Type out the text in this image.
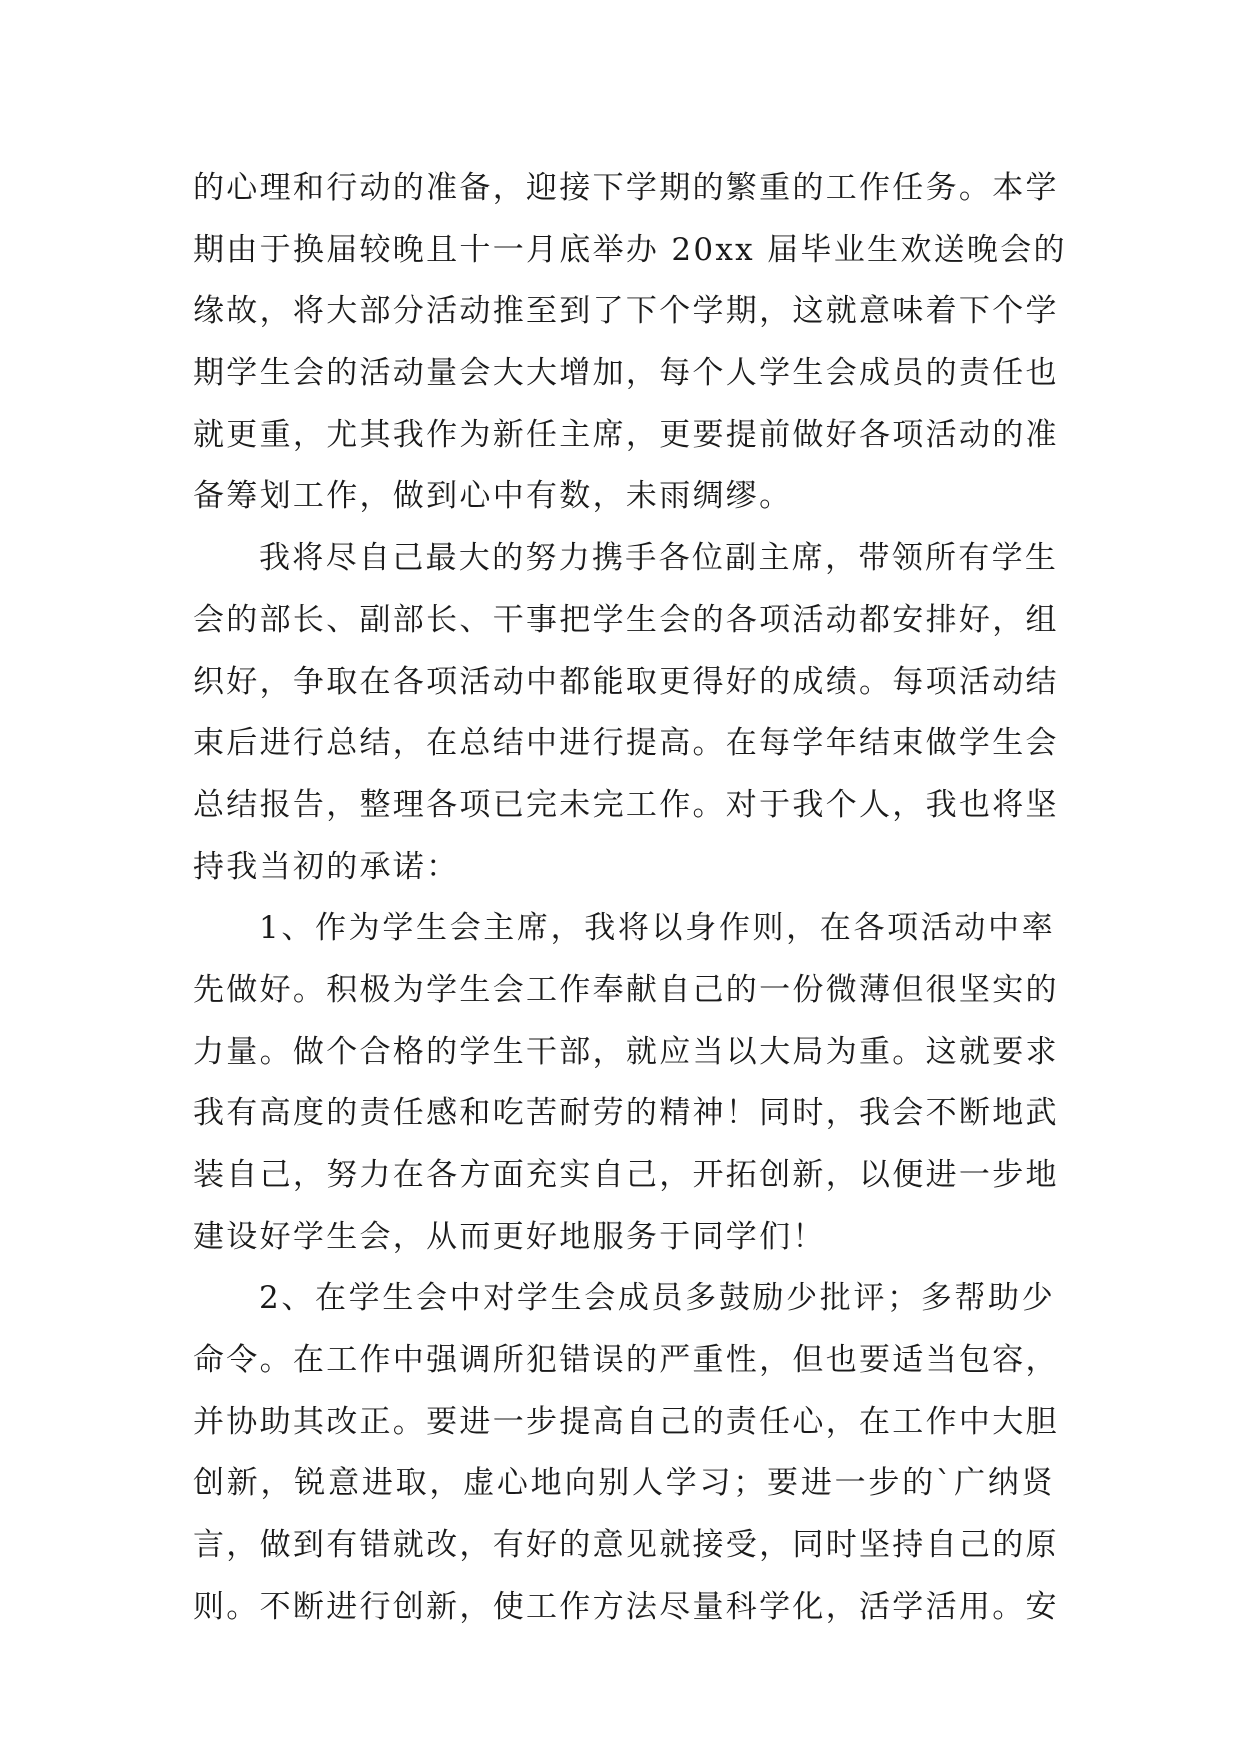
的心理和行动的准备，迎接下学期的繁重的工作任务。本学
期由于换届较晚且十一月底举办 20xx 届毕业生欢送晚会的
缘故，将大部分活动推至到了下个学期，这就意味着下个学
期学生会的活动量会大大增加，每个人学生会成员的责任也
就更重，尤其我作为新任主席，更要提前做好各项活动的准
备筹划工作，做到心中有数，未雨绸缪。
我将尽自己最大的努力携手各位副主席，带领所有学生
会的部长、副部长、干事把学生会的各项活动都安排好，组
织好，争取在各项活动中都能取更得好的成绩。每项活动结
束后进行总结，在总结中进行提高。在每学年结束做学生会
总结报告，整理各项已完未完工作。对于我个人，我也将坚
持我当初的承诺：
1、作为学生会主席，我将以身作则，在各项活动中率
先做好。积极为学生会工作奉献自己的一份微薄但很坚实的
力量。做个合格的学生干部，就应当以大局为重。这就要求
我有高度的责任感和吃苦耐劳的精神！同时，我会不断地武
装自己，努力在各方面充实自己，开拓创新，以便进一步地
建设好学生会，从而更好地服务于同学们！
2、在学生会中对学生会成员多鼓励少批评；多帮助少
命令。在工作中强调所犯错误的严重性，但也要适当包容，
并协助其改正。要进一步提高自己的责任心，在工作中大胆
创新，锐意进取，虚心地向别人学习；要进一步的`广纳贤
言，做到有错就改，有好的意见就接受，同时坚持自己的原
则。不断进行创新，使工作方法尽量科学化，活学活用。安
